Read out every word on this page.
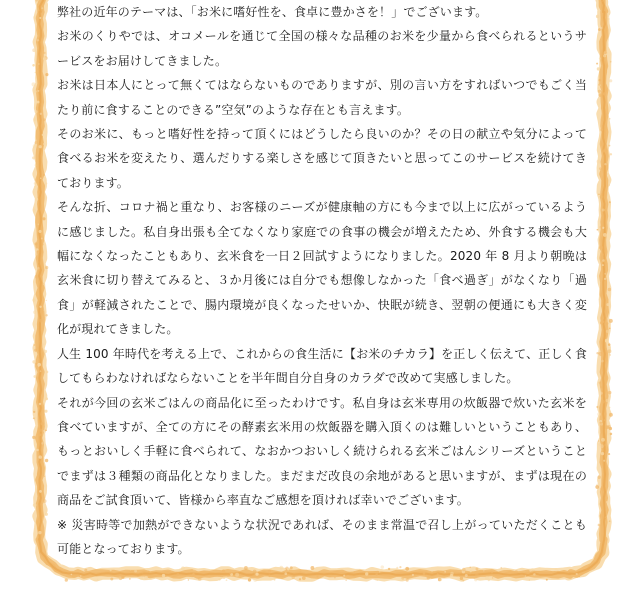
弊社の近年のテーマは、「お米に嗜好性を、食卓に豊かさを！」でございます。

お米のくりやでは、オコメールを通じて全国の様々な品種のお米を少量から食べられるというサービスをお届けしてきました。

お米は日本人にとって無くてはならないものでありますが、別の言い方をすればいつでもごく当たり前に食することのできる”空気”のような存在とも言えます。

そのお米に、もっと嗜好性を持って頂くにはどうしたら良いのか？その日の献立や気分によって食べるお米を変えたり、選んだりする楽しさを感じて頂きたいと思ってこのサービスを続けてきております。

そんな折、コロナ禍と重なり、お客様のニーズが健康軸の方にも今まで以上に広がっているように感じました。私自身出張も全てなくなり家庭での食事の機会が増えたため、外食する機会も大幅になくなったこともあり、玄米食を一日２回試すようになりました。2020 年 8 月より朝晩は玄米食に切り替えてみると、３か月後には自分でも想像しなかった「食べ過ぎ」がなくなり「過食」が軽減されたことで、腸内環境が良くなったせいか、快眠が続き、翌朝の便通にも大きく変化が現れてきました。

人生 100 年時代を考える上で、これからの食生活に【お米のチカラ】を正しく伝えて、正しく食してもらわなければならないことを半年間自分自身のカラダで改めて実感しました。

それが今回の玄米ごはんの商品化に至ったわけです。私自身は玄米専用の炊飯器で炊いた玄米を食べていますが、全ての方にその酵素玄米用の炊飯器を購入頂くのは難しいということもあり、もっとおいしく手軽に食べられて、なおかつおいしく続けられる玄米ごはんシリーズということでまずは３種類の商品化となりました。まだまだ改良の余地があると思いますが、まずは現在の商品をご試食頂いて、皆様から率直なご感想を頂ければ幸いでございます。

※ 災害時等で加熱ができないような状況であれば、そのまま常温で召し上がっていただくことも可能となっております。
